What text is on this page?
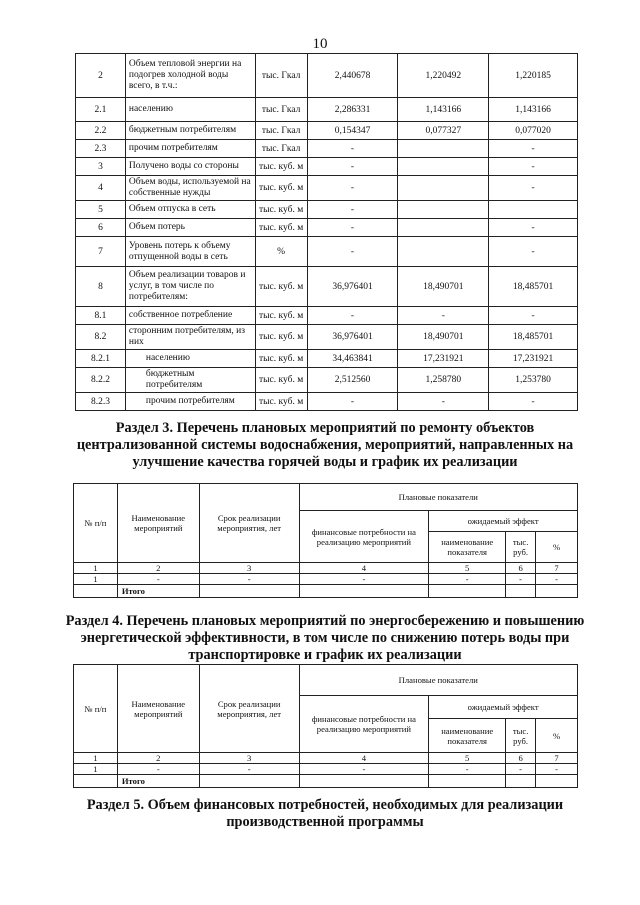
10
2	Объем тепловой энергии на подогрев холодной воды всего, в т.ч.:	тыс. Гкал	2,440678	1,220492	1,220185
2.1	населению	тыс. Гкал	2,286331	1,143166	1,143166
2.2	бюджетным потребителям	тыс. Гкал	0,154347	0,077327	0,077020
2.3	прочим потребителям	тыс. Гкал	-		-
3	Получено воды со стороны	тыс. куб. м	-		-
4	Объем воды, используемой на собственные нужды	тыс. куб. м	-		-
5	Объем отпуска в сеть	тыс. куб. м	-		
6	Объем потерь	тыс. куб. м	-		-
7	Уровень потерь к объему отпущенной воды в сеть	%	-		-
8	Объем реализации товаров и услуг, в том числе по потребителям:	тыс. куб. м	36,976401	18,490701	18,485701
8.1	собственное потребление	тыс. куб. м	-	-	-
8.2	сторонним потребителям, из них	тыс. куб. м	36,976401	18,490701	18,485701
8.2.1	населению	тыс. куб. м	34,463841	17,231921	17,231921
8.2.2	бюджетным потребителям	тыс. куб. м	2,512560	1,258780	1,253780
8.2.3	прочим потребителям	тыс. куб. м	-	-	-
Раздел 3. Перечень плановых мероприятий по ремонту объектов централизованной системы водоснабжения, мероприятий, направленных на улучшение качества горячей воды и график их реализации
№ п/п	Наименование мероприятий	Срок реализации мероприятия, лет	Плановые показатели			
			финансовые потребности на реализацию мероприятий	ожидаемый эффект		
				наименование показателя	тыс. руб.	%
1	2	3	4	5	6	7
1	-	-	-	-	-	-
	Итого					
Раздел 4. Перечень плановых мероприятий по энергосбережению и повышению энергетической эффективности, в том числе по снижению потерь воды при транспортировке и график их реализации
№ п/п	Наименование мероприятий	Срок реализации мероприятия, лет	Плановые показатели			
			финансовые потребности на реализацию мероприятий	ожидаемый эффект		
				наименование показателя	тыс. руб.	%
1	2	3	4	5	6	7
1	-	-	-	-	-	-
	Итого					
Раздел 5. Объем финансовых потребностей, необходимых для реализации производственной программы
